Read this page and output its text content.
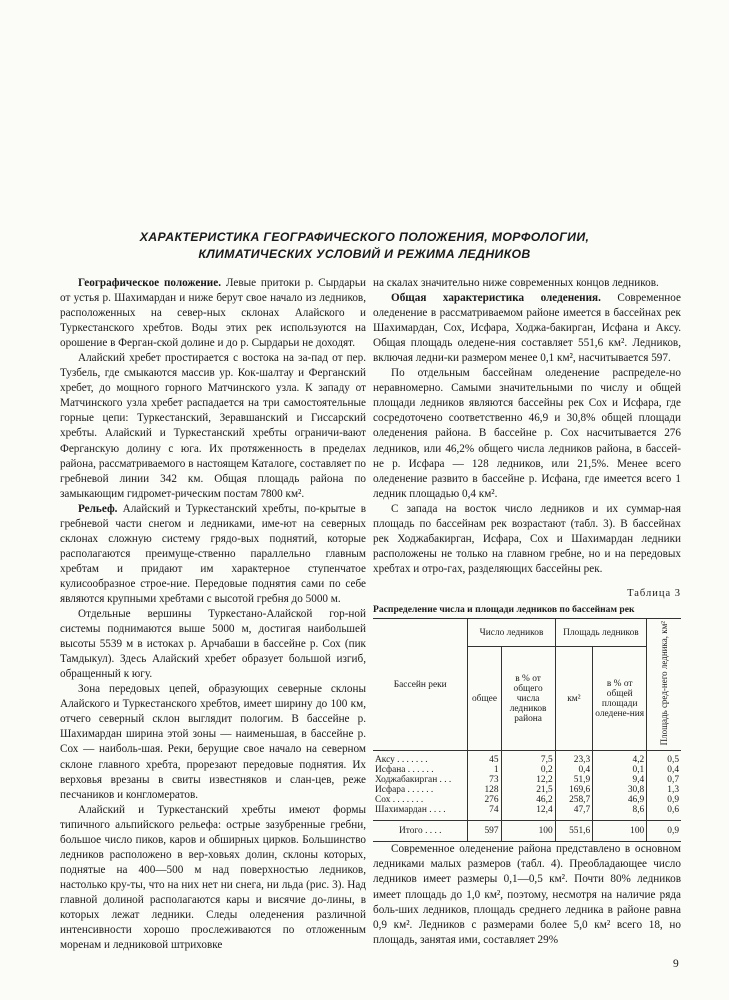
ХАРАКТЕРИСТИКА ГЕОГРАФИЧЕСКОГО ПОЛОЖЕНИЯ, МОРФОЛОГИИ,
КЛИМАТИЧЕСКИХ УСЛОВИЙ И РЕЖИМА ЛЕДНИКОВ

Географическое положение. Левые притоки р. Сырдарьи от устья р. Шахимардан и ниже берут свое начало из ледников, расположенных на север-ных склонах Алайского и Туркестанского хребтов. Воды этих рек используются на орошение в Ферган-ской долине и до р. Сырдарьи не доходят.

Алайский хребет простирается с востока на за-пад от пер. Тузбель, где смыкаются массив ур. Кок-шалтау и Ферганский хребет, до мощного горного Матчинского узла. К западу от Матчинского узла хребет распадается на три самостоятельные горные цепи: Туркестанский, Зеравшанский и Гиссарский хребты. Алайский и Туркестанский хребты ограничи-вают Ферганскую долину с юга. Их протяженность в пределах района, рассматриваемого в настоящем Каталоге, составляет по гребневой линии 342 км. Общая площадь района по замыкающим гидромет-рическим постам 7800 км².

Рельеф. Алайский и Туркестанский хребты, по-крытые в гребневой части снегом и ледниками, име-ют на северных склонах сложную систему грядо-вых поднятий, которые располагаются преимуще-ственно параллельно главным хребтам и придают им характерное ступенчатое кулисообразное строе-ние. Передовые поднятия сами по себе являются крупными хребтами с высотой гребня до 5000 м.

Отдельные вершины Туркестано-Алайской гор-ной системы поднимаются выше 5000 м, достигая наибольшей высоты 5539 м в истоках р. Арчабаши в бассейне р. Сох (пик Тамдыкул). Здесь Алайский хребет образует большой изгиб, обращенный к югу.

Зона передовых цепей, образующих северные склоны Алайского и Туркестанского хребтов, имеет ширину до 100 км, отчего северный склон выглядит пологим. В бассейне р. Шахимардан ширина этой зоны — наименьшая, в бассейне р. Сох — наиболь-шая. Реки, берущие свое начало на северном склоне главного хребта, прорезают передовые поднятия. Их верховья врезаны в свиты известняков и слан-цев, реже песчаников и конгломератов.

Алайский и Туркестанский хребты имеют формы типичного альпийского рельефа: острые зазубренные гребни, большое число пиков, каров и обширных цирков. Большинство ледников расположено в вер-ховьях долин, склоны которых, поднятые на 400—500 м над поверхностью ледников, настолько кру-ты, что на них нет ни снега, ни льда (рис. 3). Над главной долиной располагаются кары и висячие до-лины, в которых лежат ледники. Следы оледенения различной интенсивности хорошо прослеживаются по отложенным моренам и ледниковой штриховке

на скалах значительно ниже современных концов ледников.

Общая характеристика оледенения. Современное оледенение в рассматриваемом районе имеется в бассейнах рек Шахимардан, Сох, Исфара, Ходжа-бакирган, Исфана и Аксу. Общая площадь оледене-ния составляет 551,6 км². Ледников, включая ледни-ки размером менее 0,1 км², насчитывается 597.

По отдельным бассейнам оледенение распределе-но неравномерно. Самыми значительными по числу и общей площади ледников являются бассейны рек Сох и Исфара, где сосредоточено соответственно 46,9 и 30,8% общей площади оледенения района. В бассейне р. Сох насчитывается 276 ледников, или 46,2% общего числа ледников района, в бассей-не р. Исфара — 128 ледников, или 21,5%. Менее всего оледенение развито в бассейне р. Исфана, где имеется всего 1 ледник площадью 0,4 км².

С запада на восток число ледников и их суммар-ная площадь по бассейнам рек возрастают (табл. 3). В бассейнах рек Ходжабакирган, Исфара, Сох и Шахимардан ледники расположены не только на главном гребне, но и на передовых хребтах и отро-гах, разделяющих бассейны рек.

Таблица 3
Распределение числа и площади ледников по бассейнам рек
Бассейн реки	Число ледников		Площадь ледников		Площадь сред-него ледника, км²
	общее	в % от общего числа ледников района	км²	в % от общей площади оледене-ния	
Аксу . . . . . . .	45	7,5	23,3	4,2	0,5
Исфана . . . . . .	1	0,2	0,4	0,1	0,4
Ходжабакирган . . .	73	12,2	51,9	9,4	0,7
Исфара . . . . . .	128	21,5	169,6	30,8	1,3
Сох . . . . . . .	276	46,2	258,7	46,9	0,9
Шахимардан . . . .	74	12,4	47,7	8,6	0,6
Итого . . . .	597	100	551,6	100	0,9

Современное оледенение района представлено в основном ледниками малых размеров (табл. 4). Преобладающее число ледников имеет размеры 0,1—0,5 км². Почти 80% ледников имеет площадь до 1,0 км², поэтому, несмотря на наличие ряда боль-ших ледников, площадь среднего ледника в районе равна 0,9 км². Ледников с размерами более 5,0 км² всего 18, но площадь, занятая ими, составляет 29%

9
